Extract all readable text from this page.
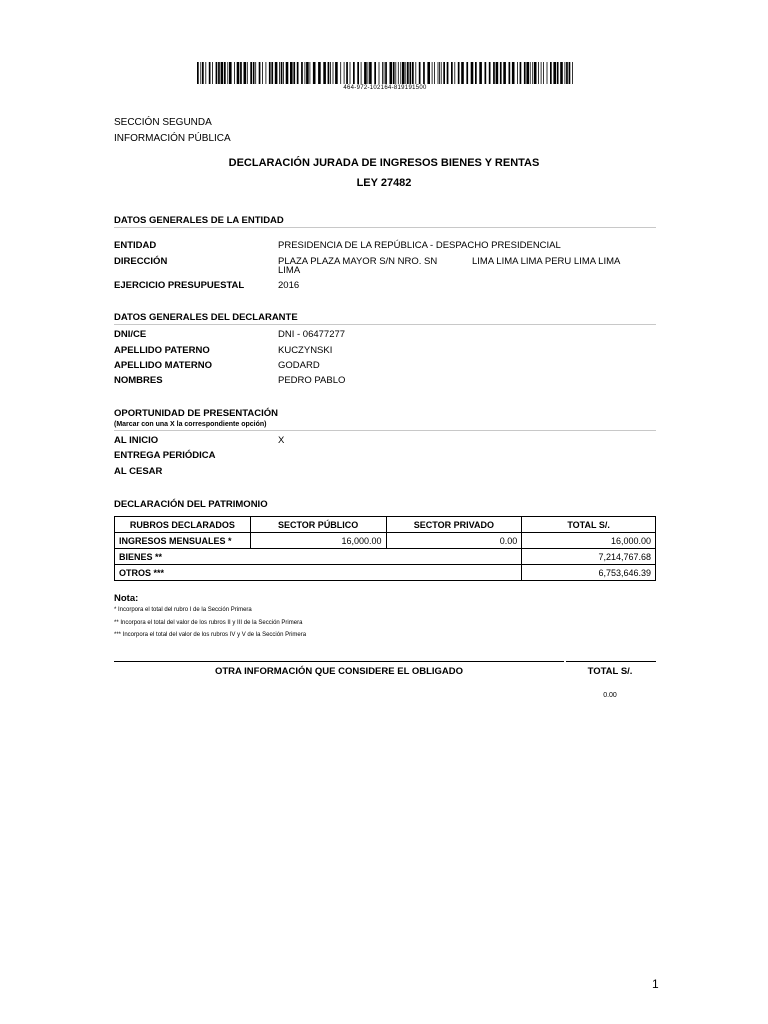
464-972-102164-819191500
SECCIÓN SEGUNDA
INFORMACIÓN PÚBLICA
DECLARACIÓN JURADA DE INGRESOS BIENES Y RENTAS
LEY 27482
DATOS GENERALES DE LA ENTIDAD
ENTIDAD	PRESIDENCIA DE LA REPÚBLICA - DESPACHO PRESIDENCIAL
DIRECCIÓN	PLAZA PLAZA MAYOR S/N NRO. SN	LIMA LIMA LIMA PERU LIMA LIMA
LIMA
EJERCICIO PRESUPUESTAL	2016
DATOS GENERALES DEL DECLARANTE
DNI/CE	DNI - 06477277
APELLIDO PATERNO	KUCZYNSKI
APELLIDO MATERNO	GODARD
NOMBRES	PEDRO PABLO
OPORTUNIDAD DE PRESENTACIÓN
(Marcar con una X la correspondiente opción)
AL INICIO	X
ENTREGA PERIÓDICA
AL CESAR
DECLARACIÓN DEL PATRIMONIO
RUBROS DECLARADOS	SECTOR PÚBLICO	SECTOR PRIVADO	TOTAL S/.
INGRESOS MENSUALES *	16,000.00	0.00	16,000.00
BIENES **			7,214,767.68
OTROS ***			6,753,646.39
Nota:
* Incorpora el total del rubro I de la Sección Primera
** Incorpora el total del valor de los rubros II y III de la Sección Primera
*** Incorpora el total del valor de los rubros IV y V de la Sección Primera
OTRA INFORMACIÓN QUE CONSIDERE EL OBLIGADO	TOTAL S/.
0.00
1
